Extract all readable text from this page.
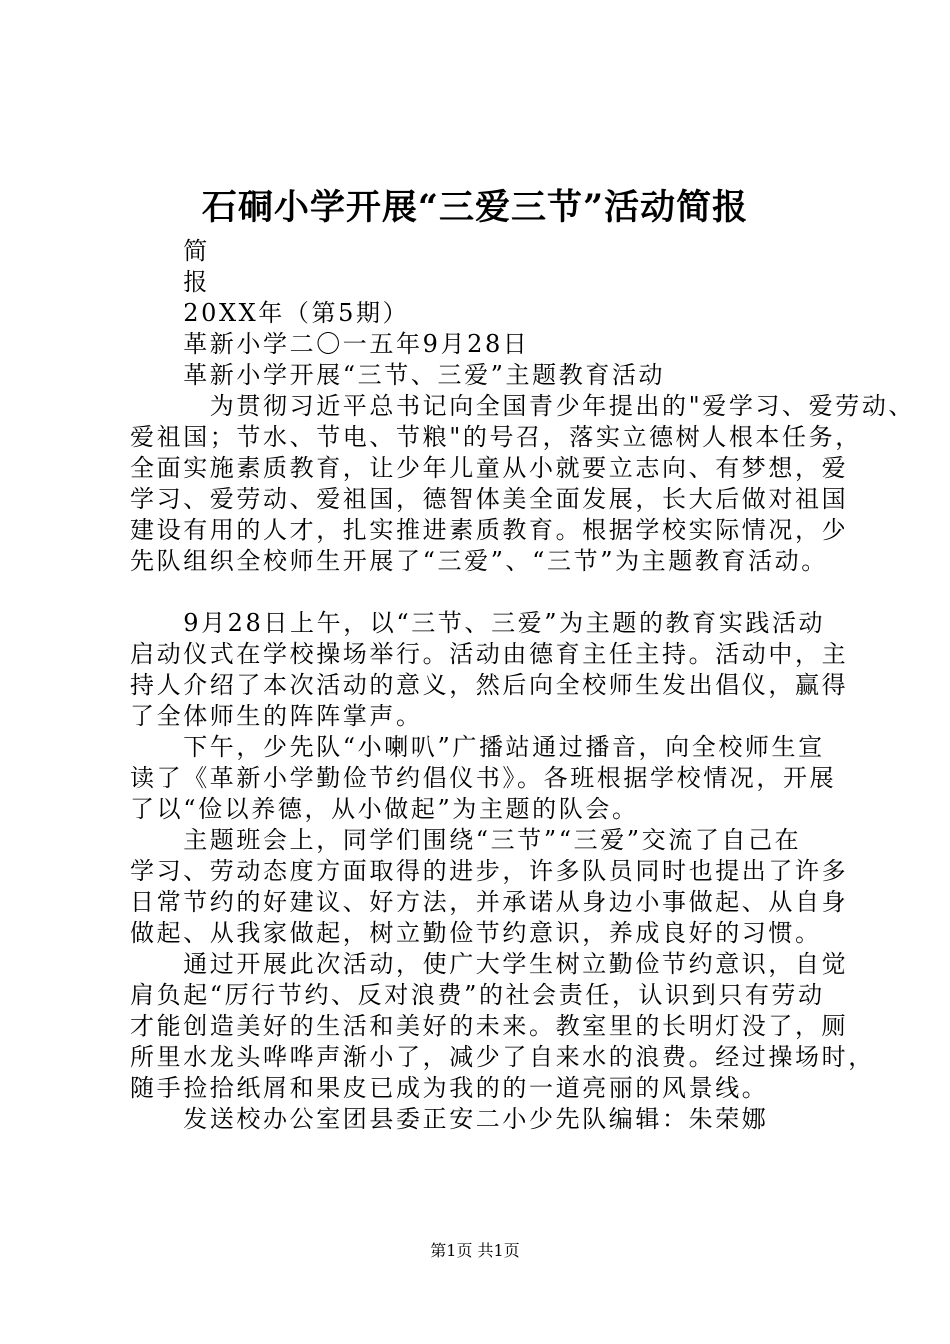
石硐小学开展“三爱三节”活动简报
　　简
　　报
　　20XX年（第5期）
　　革新小学二〇一五年9月28日
　　革新小学开展“三节、三爱”主题教育活动
　　　为贯彻习近平总书记向全国青少年提出的"爱学习、爱劳动、
爱祖国；节水、节电、节粮"的号召，落实立德树人根本任务，
全面实施素质教育，让少年儿童从小就要立志向、有梦想，爱
学习、爱劳动、爱祖国，德智体美全面发展，长大后做对祖国
建设有用的人才，扎实推进素质教育。根据学校实际情况，少
先队组织全校师生开展了“三爱”、“三节”为主题教育活动。
　　9月28日上午，以“三节、三爱”为主题的教育实践活动
启动仪式在学校操场举行。活动由德育主任主持。活动中，主
持人介绍了本次活动的意义，然后向全校师生发出倡仪，赢得
了全体师生的阵阵掌声。
　　下午，少先队“小喇叭”广播站通过播音，向全校师生宣
读了《革新小学勤俭节约倡仪书》。各班根据学校情况，开展
了以“俭以养德，从小做起”为主题的队会。
　　主题班会上，同学们围绕“三节”“三爱”交流了自己在
学习、劳动态度方面取得的进步，许多队员同时也提出了许多
日常节约的好建议、好方法，并承诺从身边小事做起、从自身
做起、从我家做起，树立勤俭节约意识，养成良好的习惯。
　　通过开展此次活动，使广大学生树立勤俭节约意识，自觉
肩负起“厉行节约、反对浪费”的社会责任，认识到只有劳动
才能创造美好的生活和美好的未来。教室里的长明灯没了，厕
所里水龙头哗哗声渐小了，减少了自来水的浪费。经过操场时，
随手捡拾纸屑和果皮已成为我的的一道亮丽的风景线。
　　发送校办公室团县委正安二小少先队编辑：朱荣娜
第1页 共1页
